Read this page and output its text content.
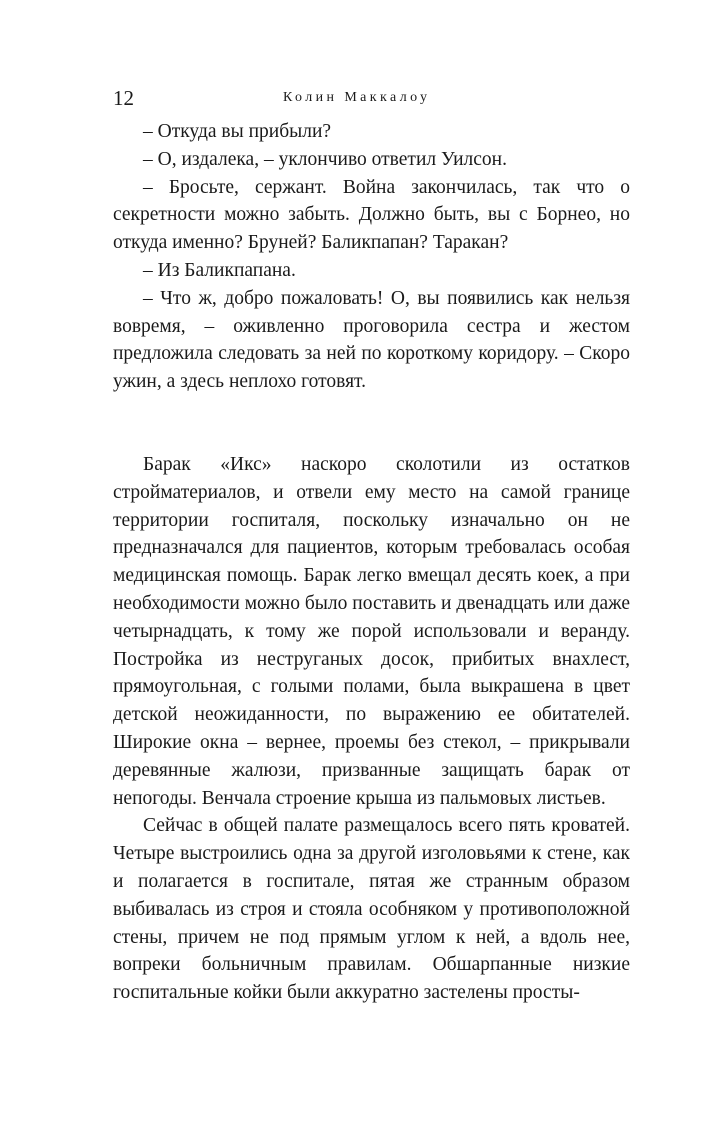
12	Колин Маккалоу

– Откуда вы прибыли?

– О, издалека, – уклончиво ответил Уилсон.

– Бросьте, сержант. Война закончилась, так что о секретности можно забыть. Должно быть, вы с Борнео, но откуда именно? Бруней? Баликпапан? Таракан?

– Из Баликпапана.

– Что ж, добро пожаловать! О, вы появились как нельзя вовремя, – оживленно проговорила сестра и жестом предложила следовать за ней по короткому коридору. – Скоро ужин, а здесь неплохо готовят.

Барак «Икс» наскоро сколотили из остатков стройматериалов, и отвели ему место на самой границе территории госпиталя, поскольку изначально он не предназначался для пациентов, которым требовалась особая медицинская помощь. Барак легко вмещал десять коек, а при необходимости можно было поставить и двенадцать или даже четырнадцать, к тому же порой использовали и веранду. Постройка из неструганых досок, прибитых внахлест, прямоугольная, с голыми полами, была выкрашена в цвет детской неожиданности, по выражению ее обитателей. Широкие окна – вернее, проемы без стекол, – прикрывали деревянные жалюзи, призванные защищать барак от непогоды. Венчала строение крыша из пальмовых листьев.

Сейчас в общей палате размещалось всего пять кроватей. Четыре выстроились одна за другой изголовьями к стене, как и полагается в госпитале, пятая же странным образом выбивалась из строя и стояла особняком у противоположной стены, причем не под прямым углом к ней, а вдоль нее, вопреки больничным правилам. Обшарпанные низкие госпитальные койки были аккуратно застелены просты-
